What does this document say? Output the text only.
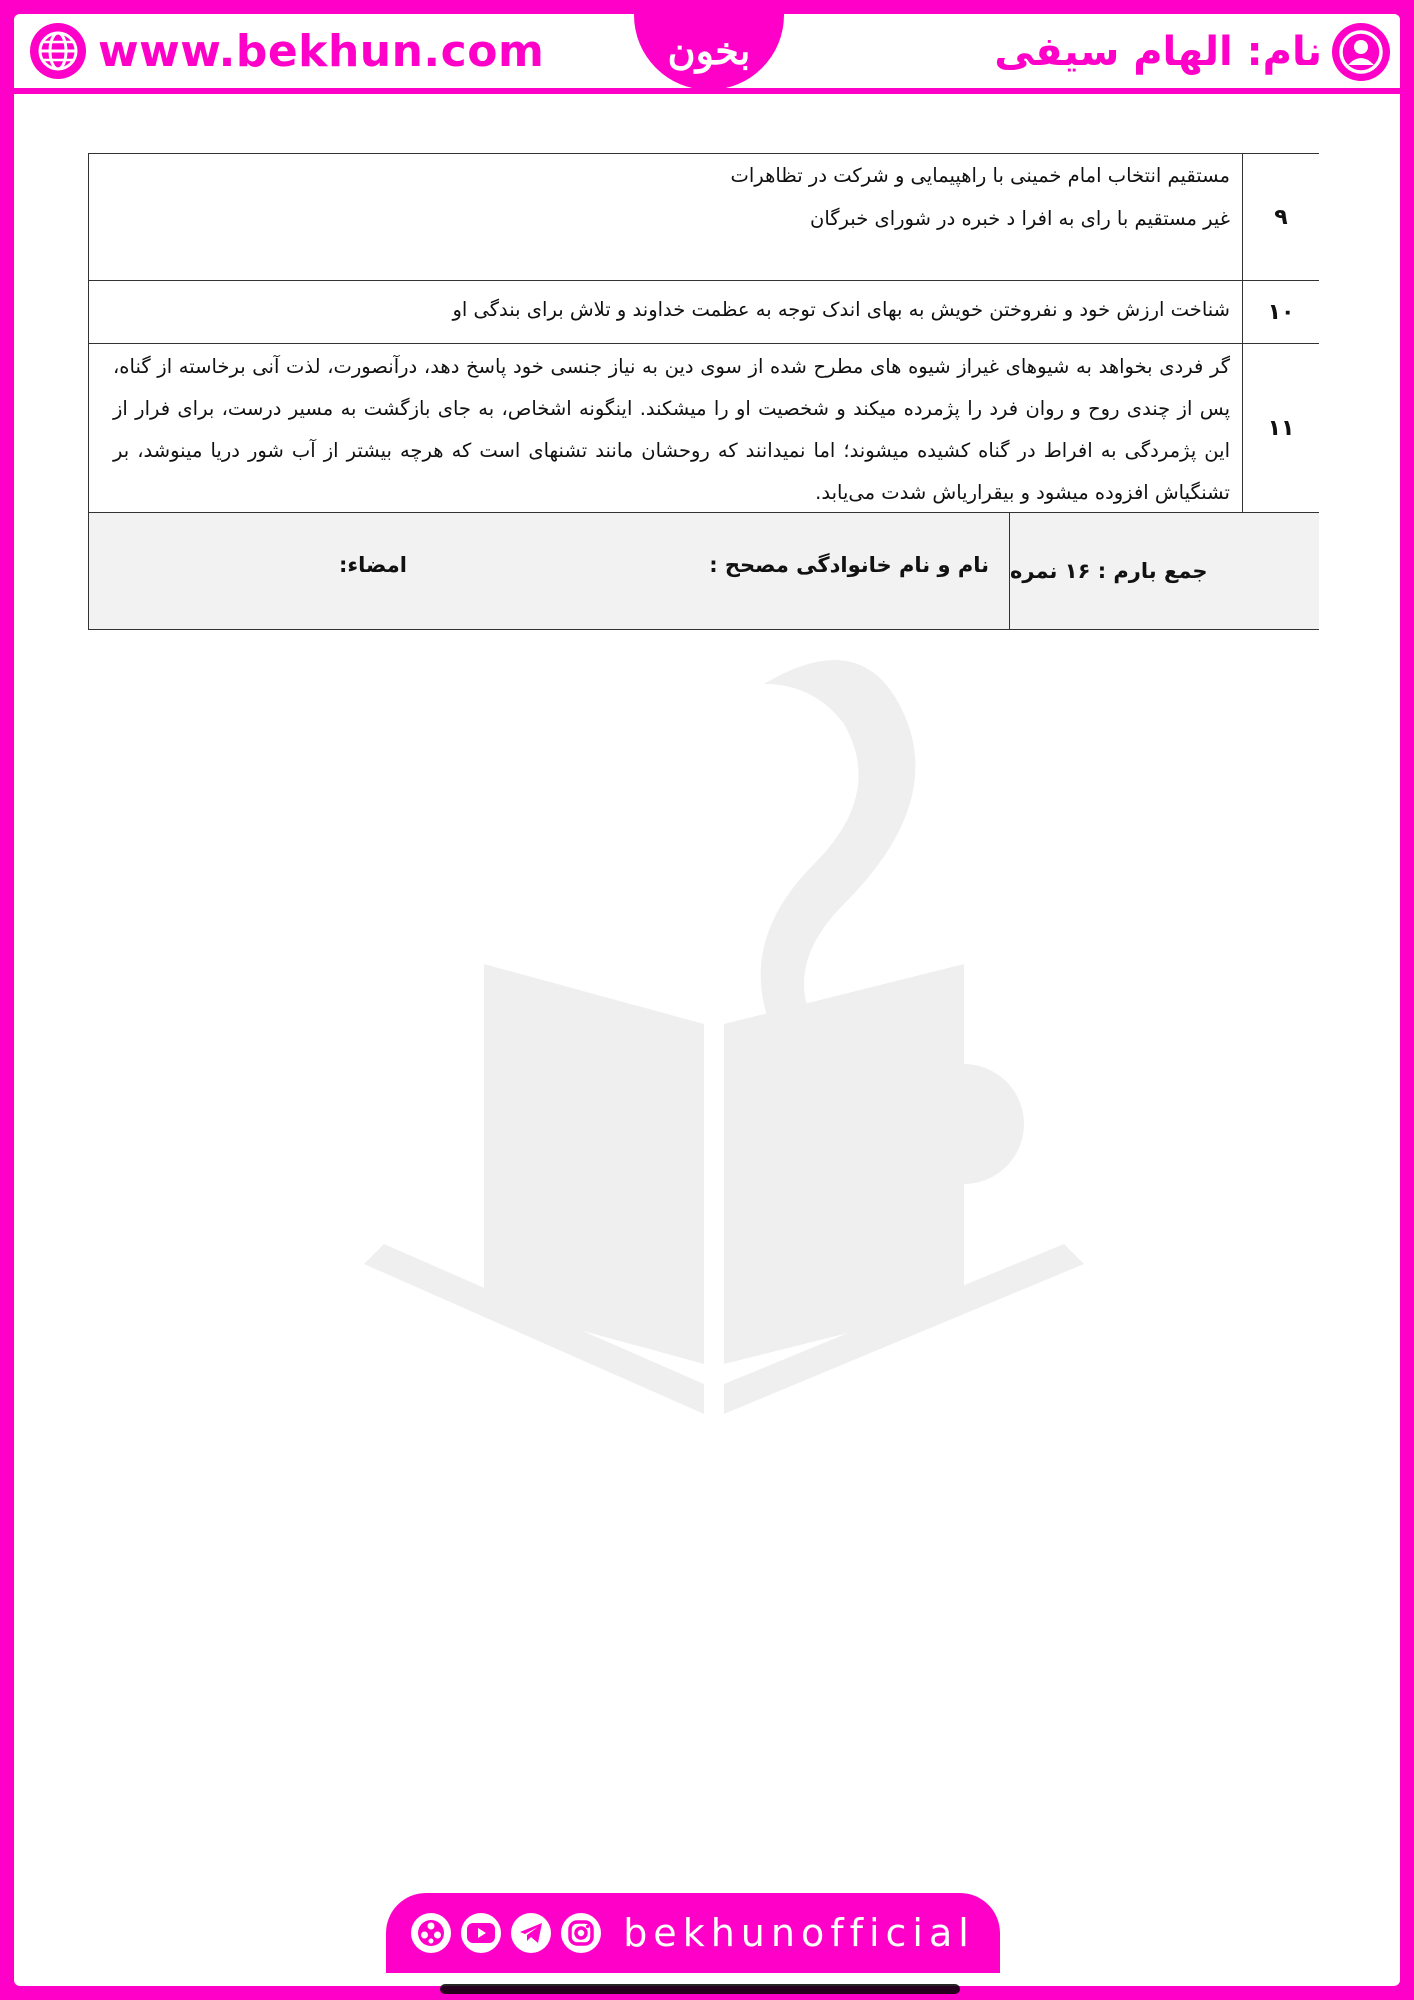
www.bekhun.com	بخون	نام: الهام سیفی
۹
مستقیم انتخاب امام خمینی با راهپیمایی و شرکت در تظاهرات
غیر مستقیم با رای به افرا د خبره در شورای خبرگان
۱۰
شناخت ارزش خود و نفروختن خویش به بهای اندک توجه به عظمت خداوند و تلاش برای بندگی او
۱۱
گر فردی بخواهد به شیوهای غیراز شیوه های مطرح شده از سوی دین به نیاز جنسی خود پاسخ دهد، درآنصورت، لذت آنی برخاسته از گناه، پس از چندی روح و روان فرد را پژمرده میکند و شخصیت او را میشکند. اینگونه اشخاص، به جای بازگشت به مسیر درست، برای فرار از این پژمردگی به افراط در گناه کشیده میشوند؛ اما نمیدانند که روحشان مانند تشنهای است که هرچه بیشتر از آب شور دریا مینوشد، بر تشنگیاش افزوده میشود و بیقراریاش شدت می‌یابد.
جمع بارم : ۱۶ نمره
نام و نام خانوادگی مصحح :
امضاء:
bekhunofficial
